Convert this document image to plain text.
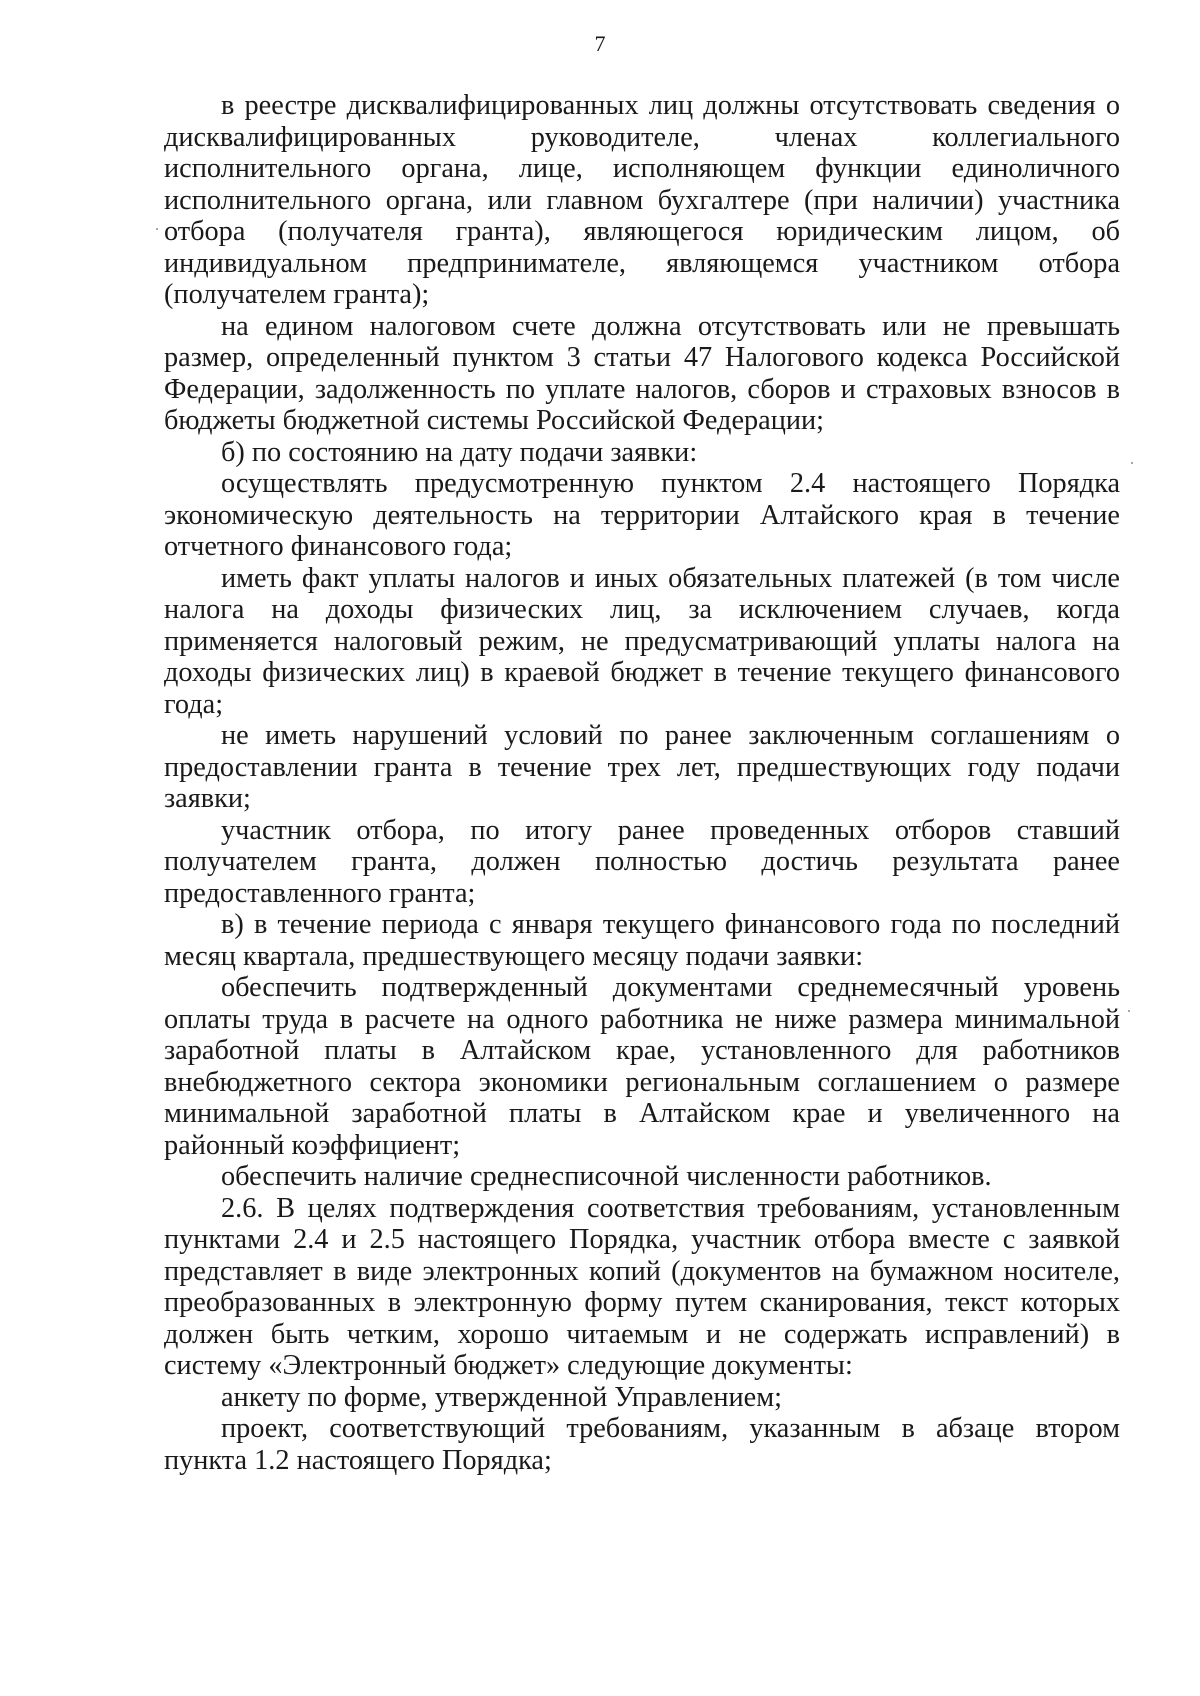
7

в реестре дисквалифицированных лиц должны отсутствовать сведения о дисквалифицированных руководителе, членах коллегиального исполнительного органа, лице, исполняющем функции единоличного исполнительного органа, или главном бухгалтере (при наличии) участника отбора (получателя гранта), являющегося юридическим лицом, об индивидуальном предпринимателе, являющемся участником отбора (получателем гранта);

на едином налоговом счете должна отсутствовать или не превышать размер, определенный пунктом 3 статьи 47 Налогового кодекса Российской Федерации, задолженность по уплате налогов, сборов и страховых взносов в бюджеты бюджетной системы Российской Федерации;

б) по состоянию на дату подачи заявки:

осуществлять предусмотренную пунктом 2.4 настоящего Порядка экономическую деятельность на территории Алтайского края в течение отчетного финансового года;

иметь факт уплаты налогов и иных обязательных платежей (в том числе налога на доходы физических лиц, за исключением случаев, когда применяется налоговый режим, не предусматривающий уплаты налога на доходы физических лиц) в краевой бюджет в течение текущего финансового года;

не иметь нарушений условий по ранее заключенным соглашениям о предоставлении гранта в течение трех лет, предшествующих году подачи заявки;

участник отбора, по итогу ранее проведенных отборов ставший получателем гранта, должен полностью достичь результата ранее предоставленного гранта;

в) в течение периода с января текущего финансового года по последний месяц квартала, предшествующего месяцу подачи заявки:

обеспечить подтвержденный документами среднемесячный уровень оплаты труда в расчете на одного работника не ниже размера минимальной заработной платы в Алтайском крае, установленного для работников внебюджетного сектора экономики региональным соглашением о размере минимальной заработной платы в Алтайском крае и увеличенного на районный коэффициент;

обеспечить наличие среднесписочной численности работников.

2.6. В целях подтверждения соответствия требованиям, установленным пунктами 2.4 и 2.5 настоящего Порядка, участник отбора вместе с заявкой представляет в виде электронных копий (документов на бумажном носителе, преобразованных в электронную форму путем сканирования, текст которых должен быть четким, хорошо читаемым и не содержать исправлений) в систему «Электронный бюджет» следующие документы:

анкету по форме, утвержденной Управлением;

проект, соответствующий требованиям, указанным в абзаце втором пункта 1.2 настоящего Порядка;
